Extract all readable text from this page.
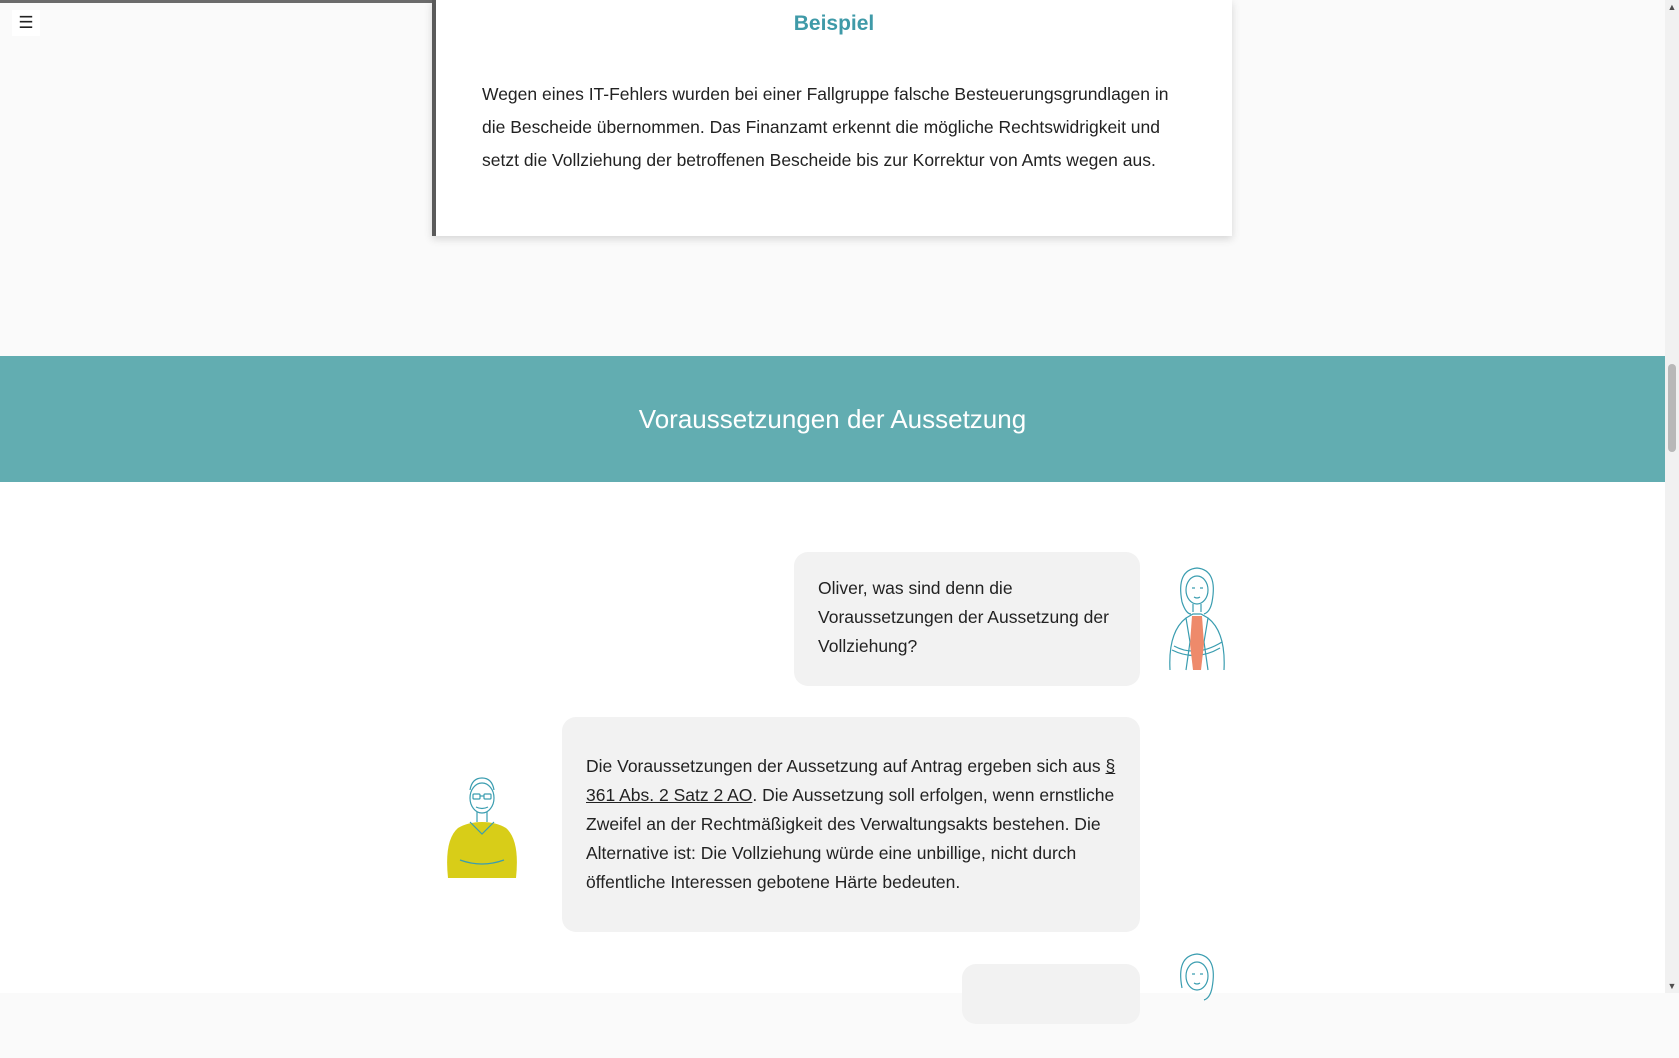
☰	Beispiel
Wegen eines IT-Fehlers wurden bei einer Fallgruppe falsche Besteuerungsgrundlagen in die Bescheide übernommen. Das Finanzamt erkennt die mögliche Rechtswidrigkeit und setzt die Vollziehung der betroffenen Bescheide bis zur Korrektur von Amts wegen aus.
Voraussetzungen der Aussetzung
Oliver, was sind denn die Voraussetzungen der Aussetzung der Vollziehung?
Die Voraussetzungen der Aussetzung auf Antrag ergeben sich aus § 361 Abs. 2 Satz 2 AO. Die Aussetzung soll erfolgen, wenn ernstliche Zweifel an der Rechtmäßigkeit des Verwaltungsakts bestehen. Die Alternative ist: Die Vollziehung würde eine unbillige, nicht durch öffentliche Interessen gebotene Härte bedeuten.
▲
▼
